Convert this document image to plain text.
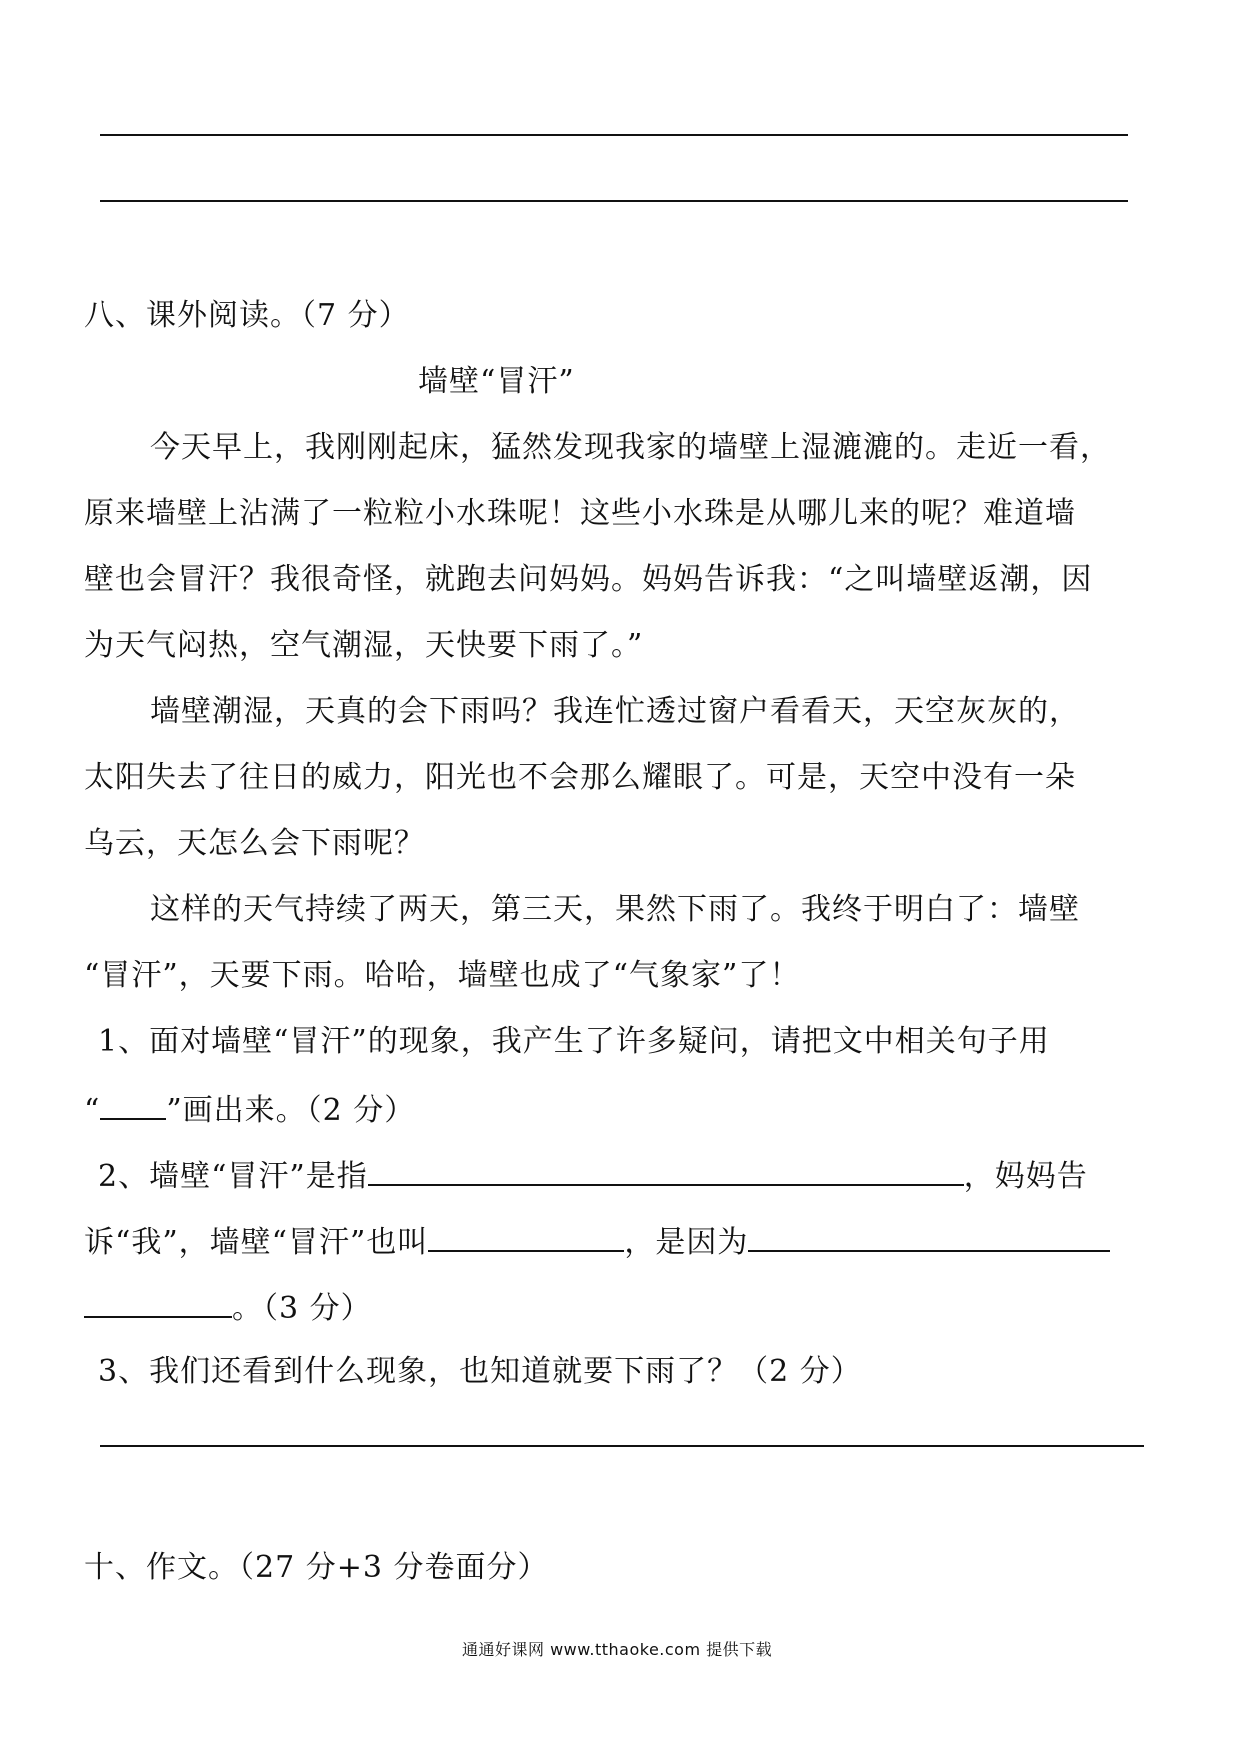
八、课外阅读。（7 分）
墙壁“冒汗”
今天早上，我刚刚起床，猛然发现我家的墙壁上湿漉漉的。走近一看，
原来墙壁上沾满了一粒粒小水珠呢！这些小水珠是从哪儿来的呢？难道墙
壁也会冒汗？我很奇怪，就跑去问妈妈。妈妈告诉我：“之叫墙壁返潮，因
为天气闷热，空气潮湿，天快要下雨了。”
墙壁潮湿，天真的会下雨吗？我连忙透过窗户看看天，天空灰灰的，
太阳失去了往日的威力，阳光也不会那么耀眼了。可是，天空中没有一朵
乌云，天怎么会下雨呢？
这样的天气持续了两天，第三天，果然下雨了。我终于明白了：墙壁
“冒汗”，天要下雨。哈哈，墙壁也成了“气象家”了！
1、面对墙壁“冒汗”的现象，我产生了许多疑问，请把文中相关句子用
“ ”画出来。（2 分）
2、墙壁“冒汗”是指	，妈妈告
诉“我”，墙壁“冒汗”也叫	，是因为
。（3 分）
3、我们还看到什么现象，也知道就要下雨了？（2 分）
十、作文。（27 分+3 分卷面分）
通通好课网 www.tthaoke.com 提供下载
